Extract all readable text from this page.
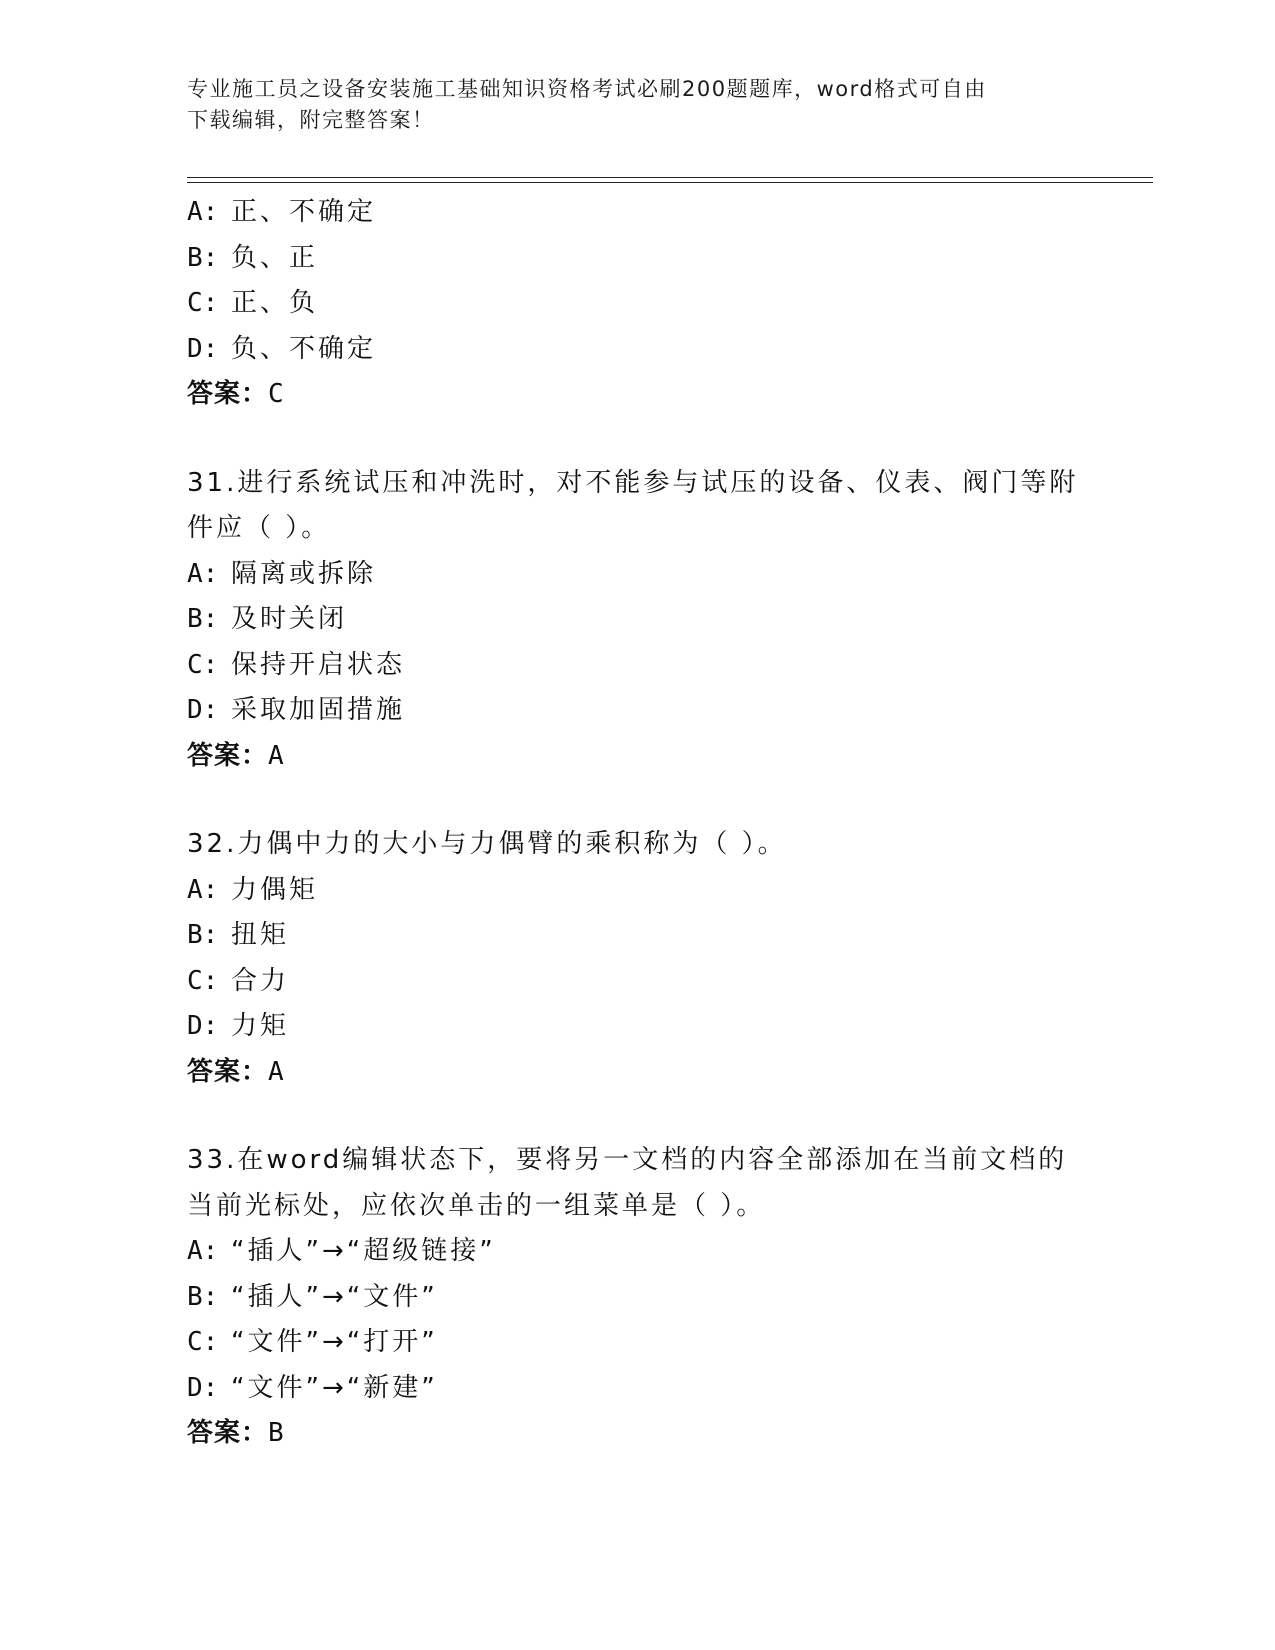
专业施工员之设备安装施工基础知识资格考试必刷200题题库，word格式可自由
下载编辑，附完整答案！
A: 正、不确定
B: 负、正
C: 正、负
D: 负、不确定
答案：C
31.进行系统试压和冲洗时，对不能参与试压的设备、仪表、阀门等附
件应（ ）。
A: 隔离或拆除
B: 及时关闭
C: 保持开启状态
D: 采取加固措施
答案：A
32.力偶中力的大小与力偶臂的乘积称为（ ）。
A: 力偶矩
B: 扭矩
C: 合力
D: 力矩
答案：A
33.在word编辑状态下，要将另一文档的内容全部添加在当前文档的
当前光标处，应依次单击的一组菜单是（ ）。
A: “插人”→“超级链接”
B: “插人”→“文件”
C: “文件”→“打开”
D: “文件”→“新建”
答案：B
